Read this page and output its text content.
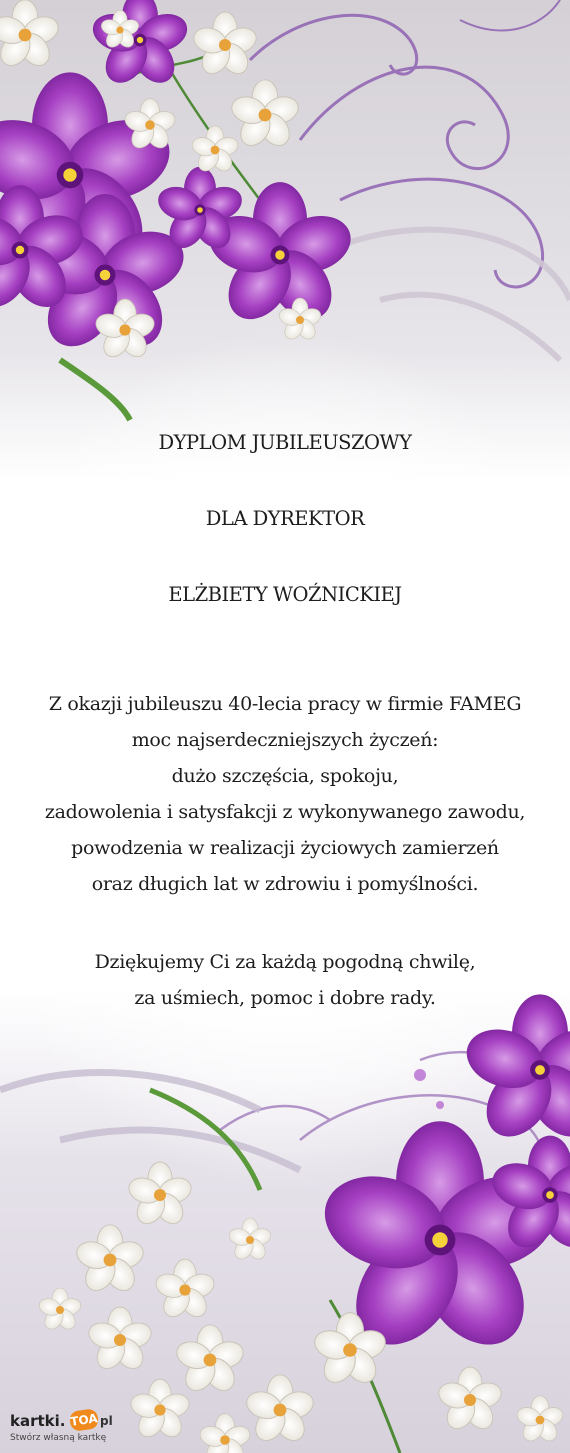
DYPLOM JUBILEUSZOWY
DLA DYREKTOR
ELŻBIETY WOŹNICKIEJ
Z okazji jubileuszu 40-lecia pracy w firmie FAMEG
moc najserdeczniejszych życzeń:
dużo szczęścia, spokoju,
zadowolenia i satysfakcji z wykonywanego zawodu,
powodzenia w realizacji życiowych zamierzeń
oraz długich lat w zdrowiu i pomyślności.
Dziękujemy Ci za każdą pogodną chwilę,
za uśmiech, pomoc i dobre rady.
kartki. TOA pl
Stwórz własną kartkę
